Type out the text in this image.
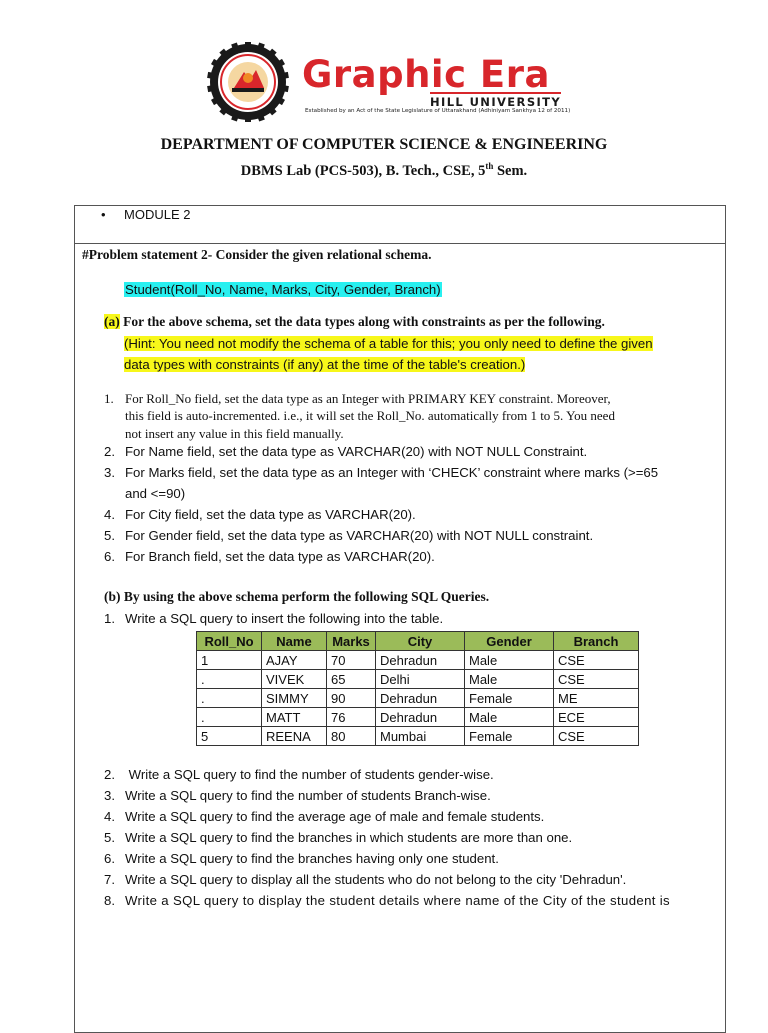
Graphic Era
HILL UNIVERSITY
Established by an Act of the State Legislature of Uttarakhand (Adhiniyam Sankhya 12 of 2011)
DEPARTMENT OF COMPUTER SCIENCE & ENGINEERING
DBMS Lab (PCS-503), B. Tech., CSE, 5th Sem.
• MODULE 2
#Problem statement 2- Consider the given relational schema.
Student(Roll_No, Name, Marks, City, Gender, Branch)
(a) For the above schema, set the data types along with constraints as per the following.
(Hint: You need not modify the schema of a table for this; you only need to define the given
data types with constraints (if any) at the time of the table's creation.)
1. For Roll_No field, set the data type as an Integer with PRIMARY KEY constraint. Moreover,
this field is auto-incremented. i.e., it will set the Roll_No. automatically from 1 to 5. You need
not insert any value in this field manually.
2. For Name field, set the data type as VARCHAR(20) with NOT NULL Constraint.
3. For Marks field, set the data type as an Integer with ‘CHECK’ constraint where marks (>=65
and <=90)
4. For City field, set the data type as VARCHAR(20).
5. For Gender field, set the data type as VARCHAR(20) with NOT NULL constraint.
6. For Branch field, set the data type as VARCHAR(20).
(b) By using the above schema perform the following SQL Queries.
1. Write a SQL query to insert the following into the table.
Roll_No	Name	Marks	City	Gender	Branch
1	AJAY	70	Dehradun	Male	CSE
.	VIVEK	65	Delhi	Male	CSE
.	SIMMY	90	Dehradun	Female	ME
.	MATT	76	Dehradun	Male	ECE
5	REENA	80	Mumbai	Female	CSE
2. Write a SQL query to find the number of students gender-wise.
3. Write a SQL query to find the number of students Branch-wise.
4. Write a SQL query to find the average age of male and female students.
5. Write a SQL query to find the branches in which students are more than one.
6. Write a SQL query to find the branches having only one student.
7. Write a SQL query to display all the students who do not belong to the city 'Dehradun'.
8. Write a SQL query to display the student details where name of the City of the student is
